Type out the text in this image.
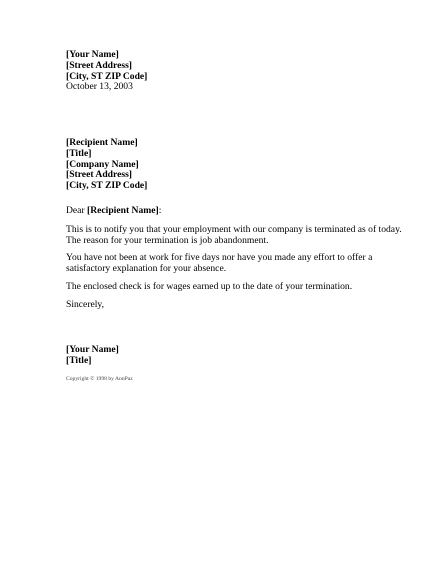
[Your Name]
[Street Address]
[City, ST ZIP Code]
October 13, 2003
[Recipient Name]
[Title]
[Company Name]
[Street Address]
[City, ST ZIP Code]
Dear [Recipient Name]:
This is to notify you that your employment with our company is terminated as of today.
The reason for your termination is job abandonment.
You have not been at work for five days nor have you made any effort to offer a
satisfactory explanation for your absence.
The enclosed check is for wages earned up to the date of your termination.
Sincerely,
[Your Name]
[Title]
Copyright © 1998 by AnnPaz
